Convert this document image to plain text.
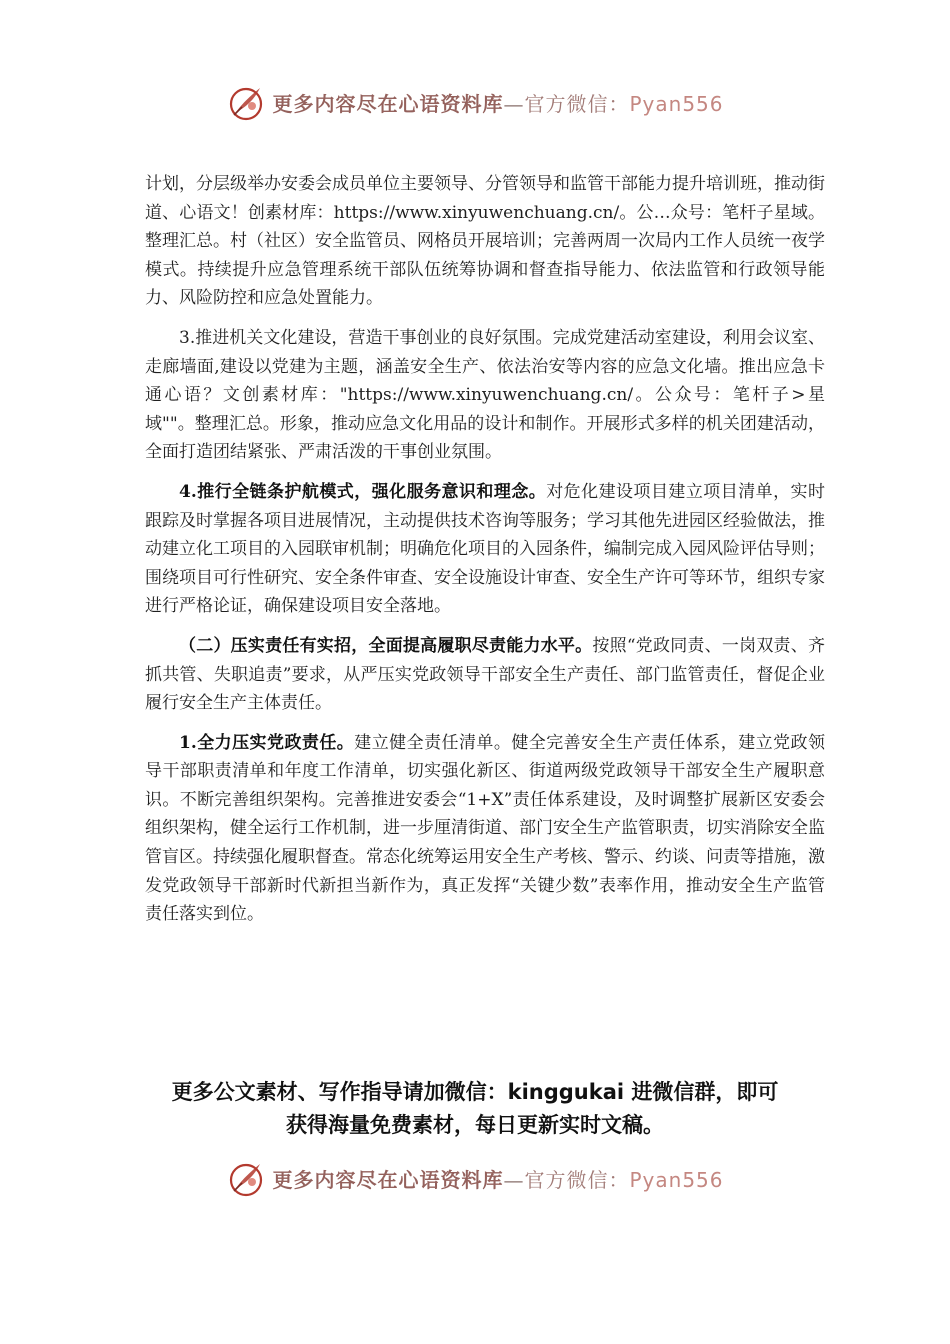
更多内容尽在心语资料库—官方微信：Pyan556

计划，分层级举办安委会成员单位主要领导、分管领导和监管干部能力提升培训班，推动街道、心语文！创素材库：https://www.xinyuwenchuang.cn/。公…众号：笔杆子星域。整理汇总。村（社区）安全监管员、网格员开展培训；完善两周一次局内工作人员统一夜学模式。持续提升应急管理系统干部队伍统筹协调和督查指导能力、依法监管和行政领导能力、风险防控和应急处置能力。

3.推进机关文化建设，营造干事创业的良好氛围。完成党建活动室建设，利用会议室、走廊墙面,建设以党建为主题，涵盖安全生产、依法治安等内容的应急文化墙。推出应急卡通心语？文创素材库："https://www.xinyuwenchuang.cn/。公众号：笔杆子>星域""。整理汇总。形象，推动应急文化用品的设计和制作。开展形式多样的机关团建活动，全面打造团结紧张、严肃活泼的干事创业氛围。

4.推行全链条护航模式，强化服务意识和理念。对危化建设项目建立项目清单，实时跟踪及时掌握各项目进展情况，主动提供技术咨询等服务；学习其他先进园区经验做法，推动建立化工项目的入园联审机制；明确危化项目的入园条件，编制完成入园风险评估导则；围绕项目可行性研究、安全条件审查、安全设施设计审查、安全生产许可等环节，组织专家进行严格论证，确保建设项目安全落地。

（二）压实责任有实招，全面提高履职尽责能力水平。按照“党政同责、一岗双责、齐抓共管、失职追责”要求，从严压实党政领导干部安全生产责任、部门监管责任，督促企业履行安全生产主体责任。

1.全力压实党政责任。建立健全责任清单。健全完善安全生产责任体系，建立党政领导干部职责清单和年度工作清单，切实强化新区、街道两级党政领导干部安全生产履职意识。不断完善组织架构。完善推进安委会“1+X”责任体系建设，及时调整扩展新区安委会组织架构，健全运行工作机制，进一步厘清街道、部门安全生产监管职责，切实消除安全监管盲区。持续强化履职督查。常态化统筹运用安全生产考核、警示、约谈、问责等措施，激发党政领导干部新时代新担当新作为，真正发挥“关键少数”表率作用，推动安全生产监管责任落实到位。

更多公文素材、写作指导请加微信：kinggukai 进微信群，即可
获得海量免费素材，每日更新实时文稿。
更多内容尽在心语资料库—官方微信：Pyan556
